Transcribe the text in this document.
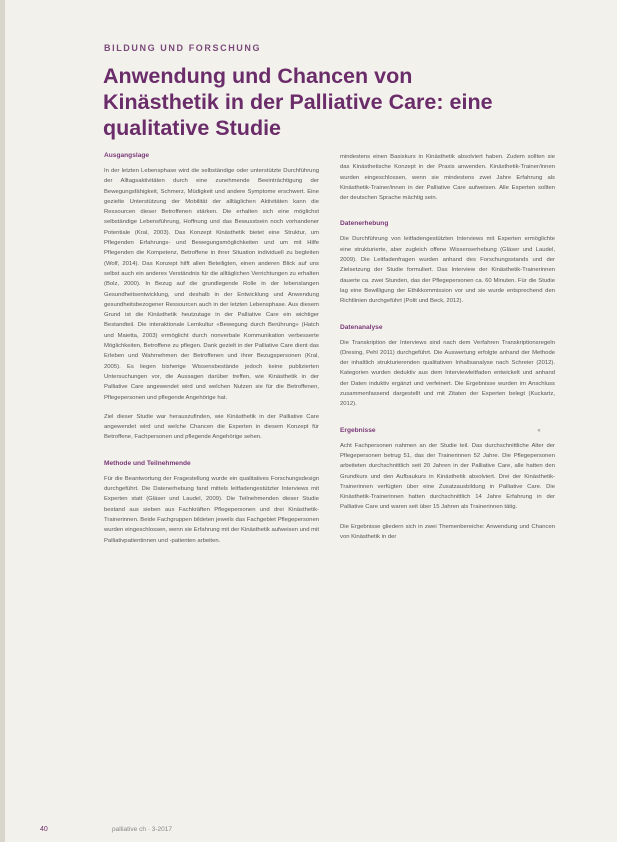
BILDUNG UND FORSCHUNG
Anwendung und Chancen von Kinästhetik in der Palliative Care: eine qualitative Studie
Ausgangslage

In der letzten Lebensphase wird die selbständige oder unterstützte Durchführung der Alltagsaktivitäten durch eine zunehmende Beeinträchtigung der Bewegungsfähigkeit, Schmerz, Müdigkeit und andere Symptome erschwert. Eine gezielte Unterstützung der Mobilität der alltäglichen Aktivitäten kann die Ressourcen dieser Betroffenen stärken. Die erhalten sich eine möglichst selbständige Lebensführung, Hoffnung und das Bewusstsein noch vorhandener Potentiale (Kral, 2003). Das Konzept Kinästhetik bietet eine Struktur, um Pflegenden Erfahrungs- und Bewegungsmöglichkeiten und um mit Hilfe Pflegenden die Kompetenz, Betroffene in ihrer Situation individuell zu begleiten (Wolf, 2014). Das Konzept hilft allen Beteiligten, einen anderen Blick auf uns selbst auch ein anderes Verständnis für die alltäglichen Verrichtungen zu erhalten (Bolz, 2000). In Bezug auf die grundlegende Rolle in der lebenslangen Gesundheitsentwicklung, und deshalb in der Entwicklung und Anwendung gesundheitsbezogener Ressourcen auch in der letzten Lebensphase. Aus diesem Grund ist die Kinästhetik heutzutage in der Palliative Care ein wichtiger Bestandteil. Die interaktionale Lernkultur «Bewegung durch Berührung» (Hatch und Maietta, 2003) ermöglicht durch nonverbale Kommunikation verbesserte Möglichkeiten, Betroffene zu pflegen. Dank gezielt in der Palliative Care dient das Erleben und Wahrnehmen der Betroffenen und ihrer Bezugspersonen (Kral, 2005). Es liegen bisherige Wissensbestände jedoch keine publizierten Untersuchungen vor, die Aussagen darüber treffen, wie Kinästhetik in der Palliative Care angewendet wird und welchen Nutzen sie für die Betroffenen, Pflegepersonen und pflegende Angehörige hat.

Ziel dieser Studie war herauszufinden, wie Kinästhetik in der Palliative Care angewendet wird und welche Chancen die Experten in diesem Konzept für Betroffene, Fachpersonen und pflegende Angehörige sehen.

Methode und Teilnehmende

Für die Beantwortung der Fragestellung wurde ein qualitatives Forschungsdesign durchgeführt. Die Datenerhebung fand mittels leitfadengestützter Interviews mit Experten statt (Gläser und Laudel, 2009). Die Teilnehmenden dieser Studie bestand aus sieben aus Fachkräften Pflegepersonen und drei Kinästhetik-Trainerinnen. Beide Fachgruppen bildeten jeweils das Fachgebiet Pflegepersonen wurden eingeschlossen, wenn sie Erfahrung mit der Kinästhetik aufweisen und mit Palliativpatientinnen und -patienten arbeiten.

mindestens einen Basiskurs in Kinästhetik absolviert haben. Zudem sollten sie das Kinästhetische Konzept in der Praxis anwenden. Kinästhetik-Trainer/innen wurden eingeschlossen, wenn sie mindestens zwei Jahre Erfahrung als Kinästhetik-Trainer/innen in der Palliative Care aufweisen. Alle Experten sollten der deutschen Sprache mächtig sein.

Datenerhebung

Die Durchführung von leitfadengestützten Interviews mit Experten ermöglichte eine strukturierte, aber zugleich offene Wissenserhebung (Gläser und Laudel, 2009). Die Leitfadenfragen wurden anhand des Forschungsstands und der Zielsetzung der Studie formuliert. Das Interview der Kinästhetik-Trainerinnen dauerte ca. zwei Stunden, das der Pflegepersonen ca. 60 Minuten. Für die Studie lag eine Bewilligung der Ethikkommission vor und sie wurde entsprechend den Richtlinien durchgeführt (Polit und Beck, 2012).

Datenanalyse

Die Transkription der Interviews sind nach dem Verfahren Transkriptionsregeln (Dresing, Pehl 2011) durchgeführt. Die Auswertung erfolgte anhand der Methode der inhaltlich strukturierenden qualitativen Inhaltsanalyse nach Schreier (2012). Kategorien wurden deduktiv aus dem Interviewleitfaden entwickelt und anhand der Daten induktiv ergänzt und verfeinert. Die Ergebnisse wurden im Anschluss zusammenfassend dargestellt und mit Zitaten der Experten belegt (Kuckartz, 2012).

Ergebnisse	«

Acht Fachpersonen nahmen an der Studie teil. Das durchschnittliche Alter der Pflegepersonen betrug 51, das der Trainerinnen 52 Jahre. Die Pflegepersonen arbeiteten durchschnittlich seit 20 Jahren in der Palliative Care, alle hatten den Grundkurs und den Aufbaukurs in Kinästhetik absolviert. Drei der Kinästhetik-Trainerinnen verfügten über eine Zusatzausbildung in Palliative Care. Die Kinästhetik-Trainerinnen hatten durchschnittlich 14 Jahre Erfahrung in der Palliative Care und waren seit über 15 Jahren als Trainerinnen tätig.

Die Ergebnisse gliedern sich in zwei Themenbereiche: Anwendung und Chancen von Kinästhetik in der

40	palliative ch · 3-2017
